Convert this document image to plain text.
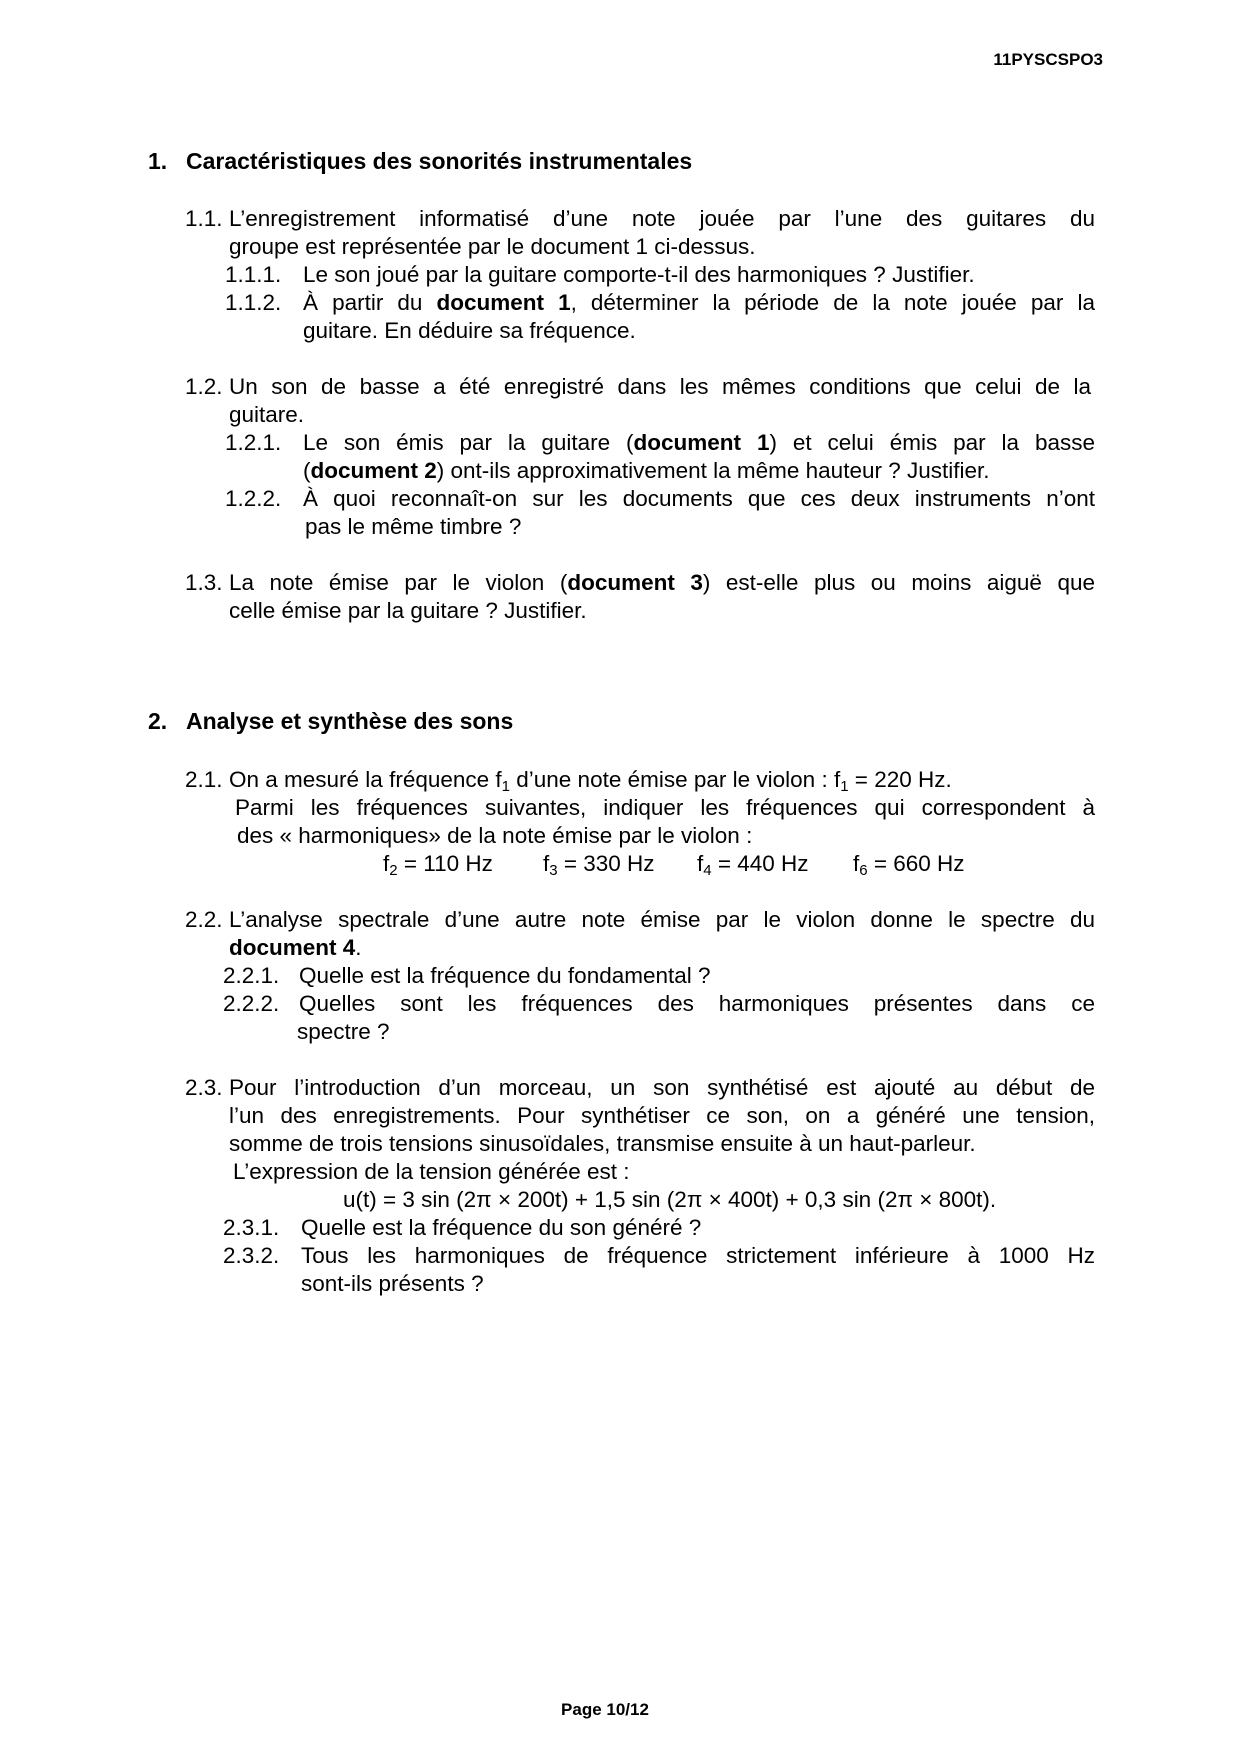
11PYSCSPO3
1. Caractéristiques des sonorités instrumentales
1.1. L’enregistrement informatisé d’une note jouée par l’une des guitares du
groupe est représentée par le document 1 ci-dessus.
1.1.1. Le son joué par la guitare comporte-t-il des harmoniques ? Justifier.
1.1.2. À partir du document 1, déterminer la période de la note jouée par la
guitare. En déduire sa fréquence.
1.2. Un son de basse a été enregistré dans les mêmes conditions que celui de la
guitare.
1.2.1. Le son émis par la guitare (document 1) et celui émis par la basse
(document 2) ont-ils approximativement la même hauteur ? Justifier.
1.2.2. À quoi reconnaît-on sur les documents que ces deux instruments n’ont
pas le même timbre ?
1.3. La note émise par le violon (document 3) est-elle plus ou moins aiguë que
celle émise par la guitare ? Justifier.
2. Analyse et synthèse des sons
2.1. On a mesuré la fréquence $f_1$ d’une note émise par le violon : $f_1 = 220$ Hz.
Parmi les fréquences suivantes, indiquer les fréquences qui correspondent à
des « harmoniques» de la note émise par le violon :
$f_2 = 110$ Hz $f_3 = 330$ Hz $f_4 = 440$ Hz $f_6 = 660$ Hz
2.2. L’analyse spectrale d’une autre note émise par le violon donne le spectre du
document 4.
2.2.1. Quelle est la fréquence du fondamental ?
2.2.2. Quelles sont les fréquences des harmoniques présentes dans ce
spectre ?
2.3. Pour l’introduction d’un morceau, un son synthétisé est ajouté au début de
l’un des enregistrements. Pour synthétiser ce son, on a généré une tension,
somme de trois tensions sinusoïdales, transmise ensuite à un haut-parleur.
L’expression de la tension générée est :
u(t) = 3 sin (2π × 200t) + 1,5 sin (2π × 400t) + 0,3 sin (2π × 800t).
2.3.1. Quelle est la fréquence du son généré ?
2.3.2. Tous les harmoniques de fréquence strictement inférieure à 1000 Hz
sont-ils présents ?
Page 10/12
